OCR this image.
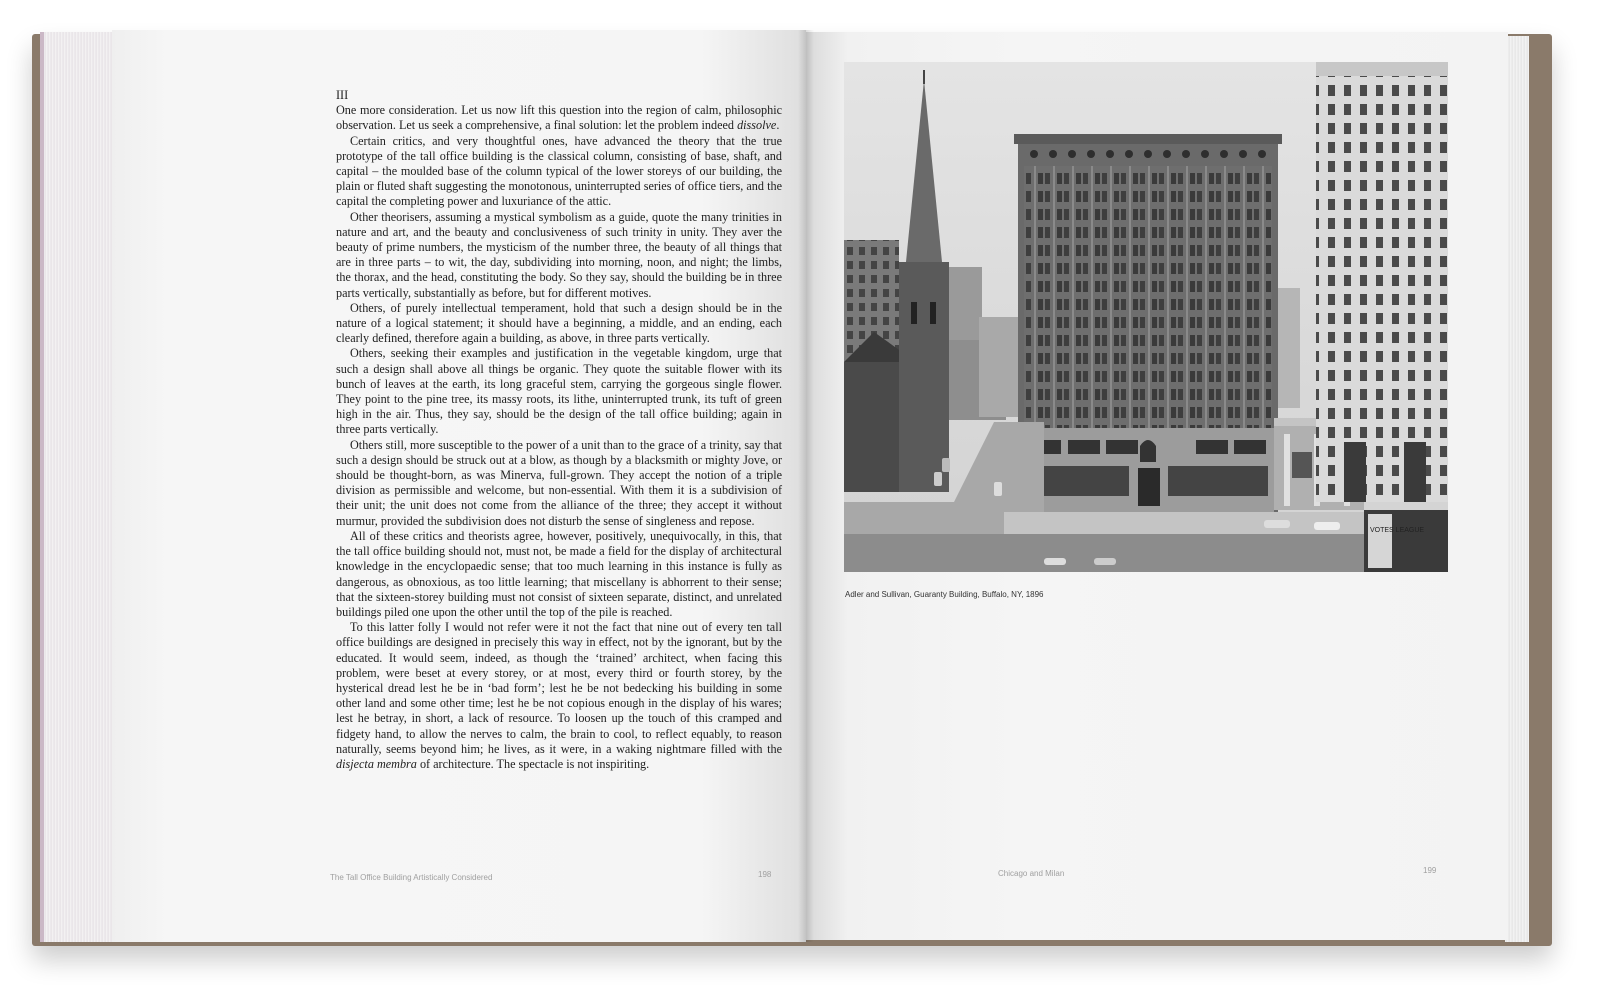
III

One more consideration. Let us now lift this question into the region of calm, philosophic observation. Let us seek a comprehensive, a final solution: let the problem indeed dissolve.

Certain critics, and very thoughtful ones, have advanced the theory that the true prototype of the tall office building is the classical column, consisting of base, shaft, and capital – the moulded base of the column typical of the lower storeys of our building, the plain or fluted shaft suggesting the monotonous, uninterrupted series of office tiers, and the capital the completing power and luxuriance of the attic.

Other theorisers, assuming a mystical symbolism as a guide, quote the many trinities in nature and art, and the beauty and conclusiveness of such trinity in unity. They aver the beauty of prime numbers, the mysticism of the number three, the beauty of all things that are in three parts – to wit, the day, subdividing into morning, noon, and night; the limbs, the thorax, and the head, constituting the body. So they say, should the building be in three parts vertically, substantially as before, but for different motives.

Others, of purely intellectual temperament, hold that such a design should be in the nature of a logical statement; it should have a beginning, a middle, and an ending, each clearly defined, therefore again a building, as above, in three parts vertically.

Others, seeking their examples and justification in the vegetable kingdom, urge that such a design shall above all things be organic. They quote the suitable flower with its bunch of leaves at the earth, its long graceful stem, carrying the gorgeous single flower. They point to the pine tree, its massy roots, its lithe, uninterrupted trunk, its tuft of green high in the air. Thus, they say, should be the design of the tall office building; again in three parts vertically.

Others still, more susceptible to the power of a unit than to the grace of a trinity, say that such a design should be struck out at a blow, as though by a blacksmith or mighty Jove, or should be thought-born, as was Minerva, full-grown. They accept the notion of a triple division as permissible and welcome, but non-essential. With them it is a subdivision of their unit; the unit does not come from the alliance of the three; they accept it without murmur, provided the subdivision does not disturb the sense of singleness and repose.

All of these critics and theorists agree, however, positively, unequivocally, in this, that the tall office building should not, must not, be made a field for the display of architectural knowledge in the encyclopaedic sense; that too much learning in this instance is fully as dangerous, as obnoxious, as too little learning; that miscellany is abhorrent to their sense; that the sixteen-storey building must not consist of sixteen separate, distinct, and unrelated buildings piled one upon the other until the top of the pile is reached.

To this latter folly I would not refer were it not the fact that nine out of every ten tall office buildings are designed in precisely this way in effect, not by the ignorant, but by the educated. It would seem, indeed, as though the ‘trained’ architect, when facing this problem, were beset at every storey, or at most, every third or fourth storey, by the hysterical dread lest he be in ‘bad form’; lest he be not bedecking his building in some other land and some other time; lest he be not copious enough in the display of his wares; lest he betray, in short, a lack of resource. To loosen up the touch of this cramped and fidgety hand, to allow the nerves to calm, the brain to cool, to reflect equably, to reason naturally, seems beyond him; he lives, as it were, in a waking nightmare filled with the disjecta membra of architecture. The spectacle is not inspiriting.

The Tall Office Building Artistically Considered	198
VOTES LEAGUE
Adler and Sullivan, Guaranty Building, Buffalo, NY, 1896
Chicago and Milan	199
